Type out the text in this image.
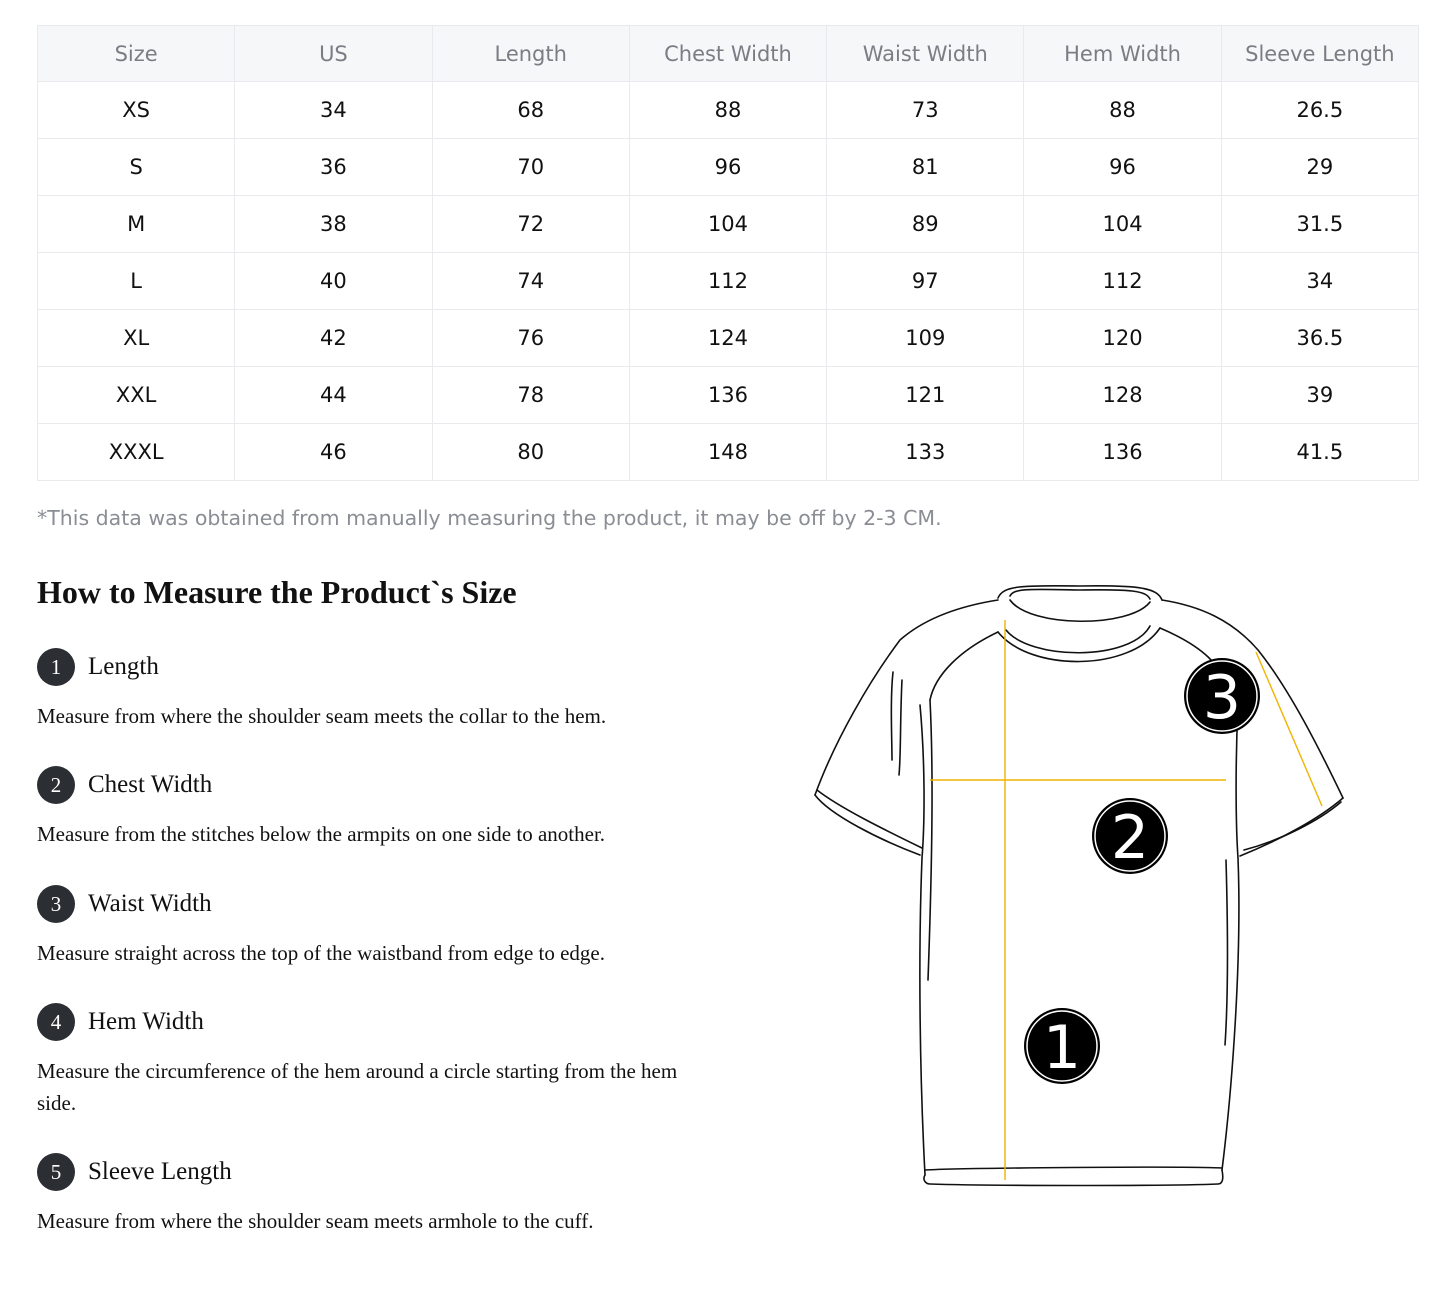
Size	US	Length	Chest Width	Waist Width	Hem Width	Sleeve Length
XS	34	68	88	73	88	26.5
S	36	70	96	81	96	29
M	38	72	104	89	104	31.5
L	40	74	112	97	112	34
XL	42	76	124	109	120	36.5
XXL	44	78	136	121	128	39
XXXL	46	80	148	133	136	41.5
*This data was obtained from manually measuring the product, it may be off by 2-3 CM.
How to Measure the Product`s Size
1	Length

Measure from where the shoulder seam meets the collar to the hem.

2	Chest Width

Measure from the stitches below the armpits on one side to another.

3	Waist Width

Measure straight across the top of the waistband from edge to edge.

4	Hem Width

Measure the circumference of the hem around a circle starting from the hem side.

5	Sleeve Length

Measure from where the shoulder seam meets armhole to the cuff.

1
2
3
